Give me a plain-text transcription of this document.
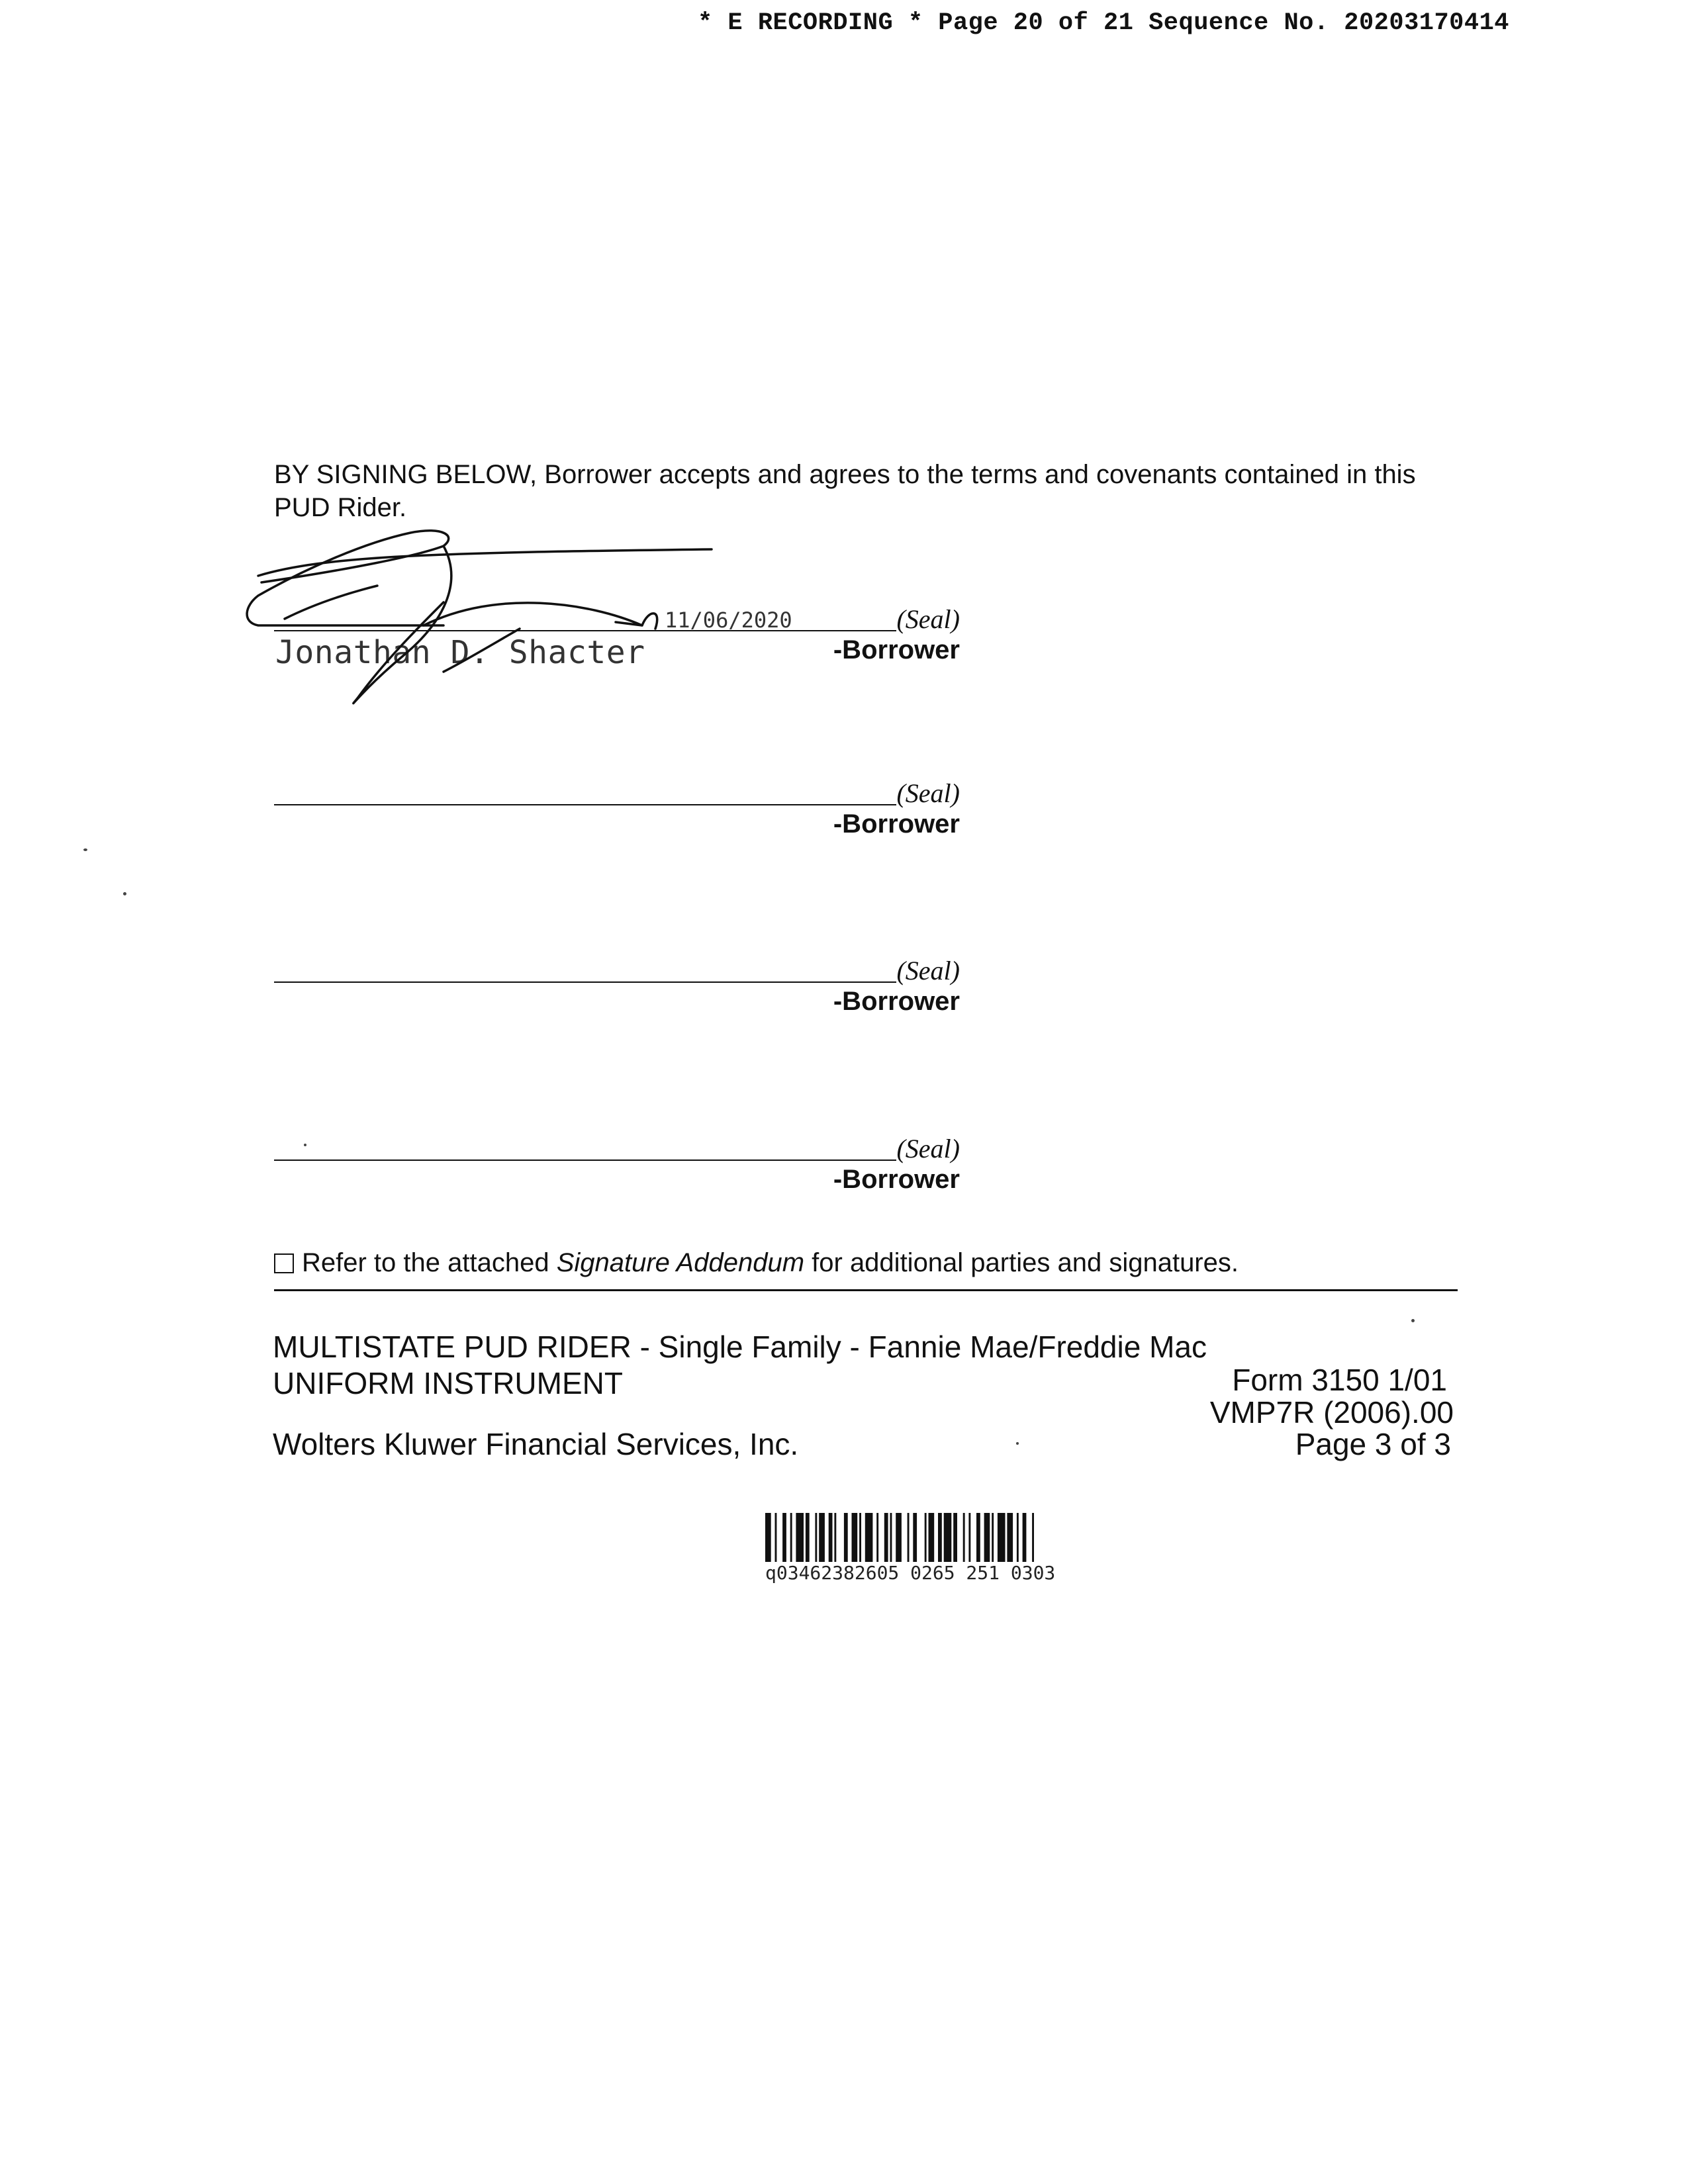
* E RECORDING * Page 20 of 21 Sequence No. 20203170414
BY SIGNING BELOW, Borrower accepts and agrees to the terms and covenants contained in this PUD Rider.
11/06/2020
Jonathan D. Shacter
(Seal)
-Borrower
(Seal)
-Borrower
(Seal)
-Borrower
(Seal)
-Borrower
Refer to the attached Signature Addendum for additional parties and signatures.
MULTISTATE PUD RIDER - Single Family - Fannie Mae/Freddie Mac
UNIFORM INSTRUMENT	Form 3150 1/01
VMP7R (2006).00
Wolters Kluwer Financial Services, Inc.	Page 3 of 3
q03462382605 0265 251 0303
